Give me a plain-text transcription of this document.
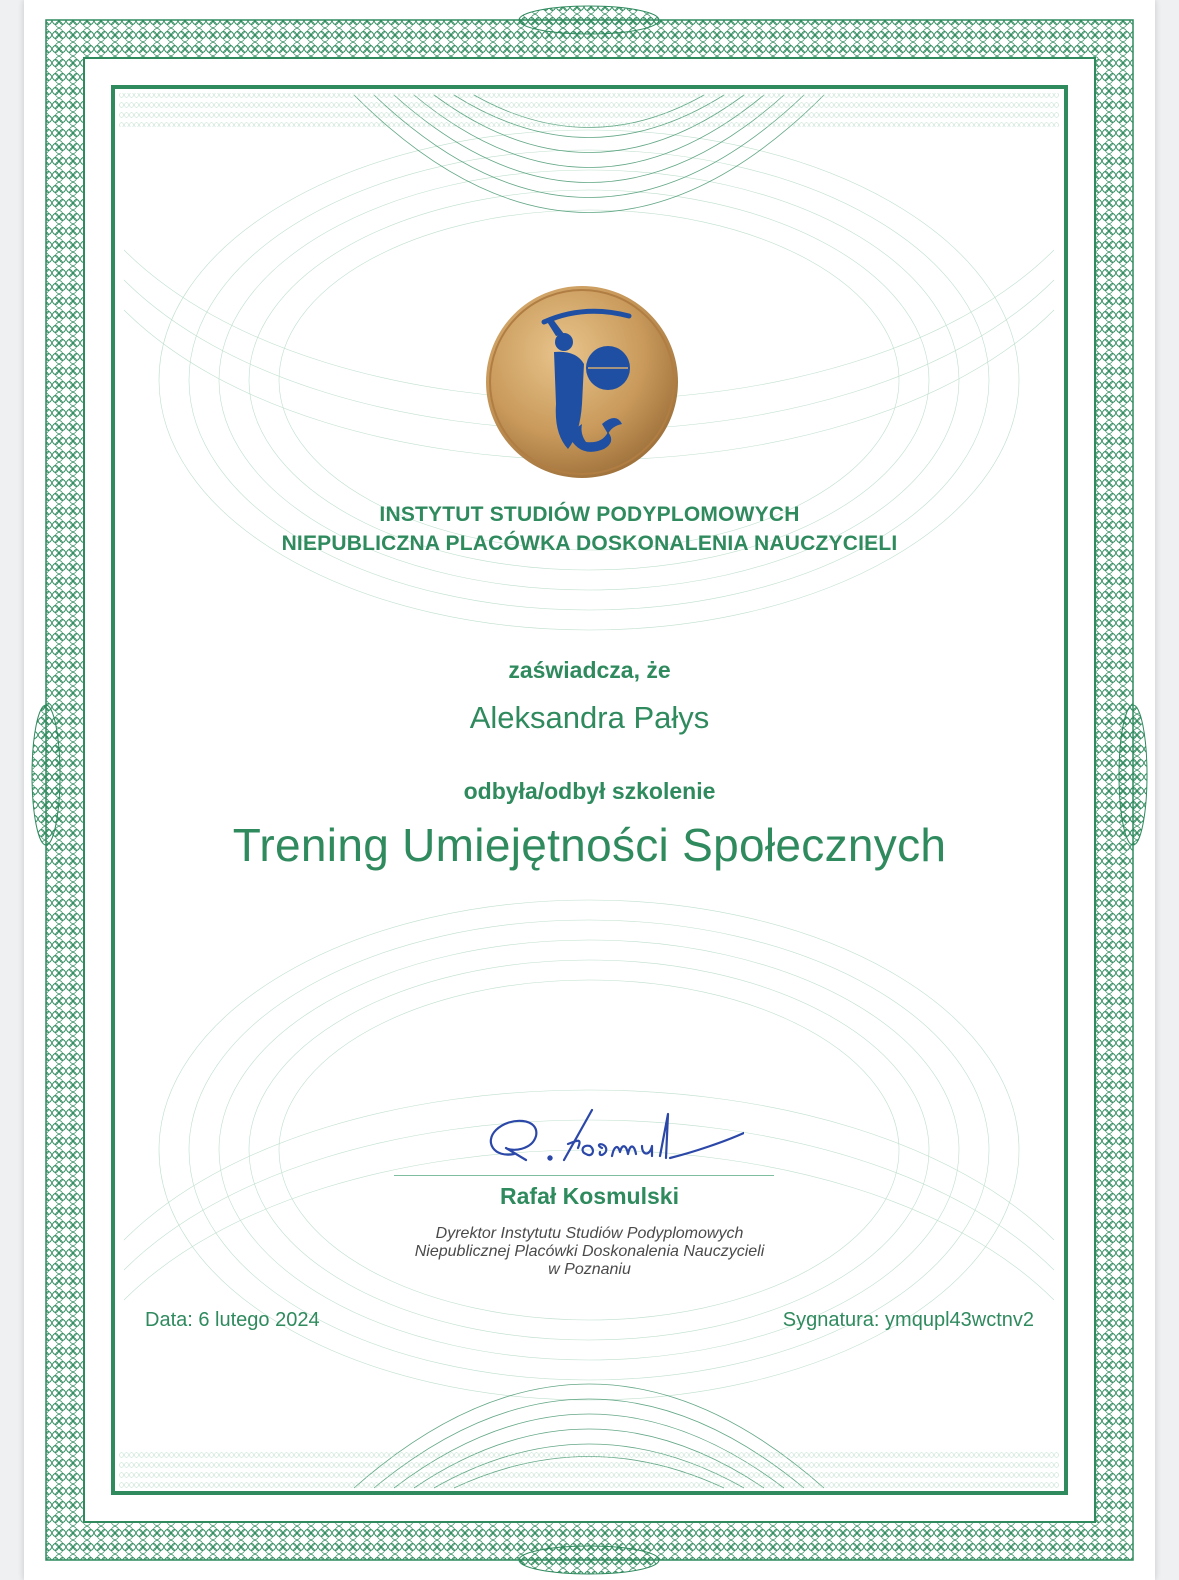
INSTYTUT STUDIÓW PODYPLOMOWYCH

NIEPUBLICZNA PLACÓWKA DOSKONALENIA NAUCZYCIELI

zaświadcza, że

Aleksandra Pałys

odbyła/odbył szkolenie

Trening Umiejętności Społecznych

Rafał Kosmulski

Dyrektor Instytutu Studiów Podyplomowych

Niepublicznej Placówki Doskonalenia Nauczycieli

w Poznaniu

Data: 6 lutego 2024	Sygnatura: ymqupl43wctnv2
